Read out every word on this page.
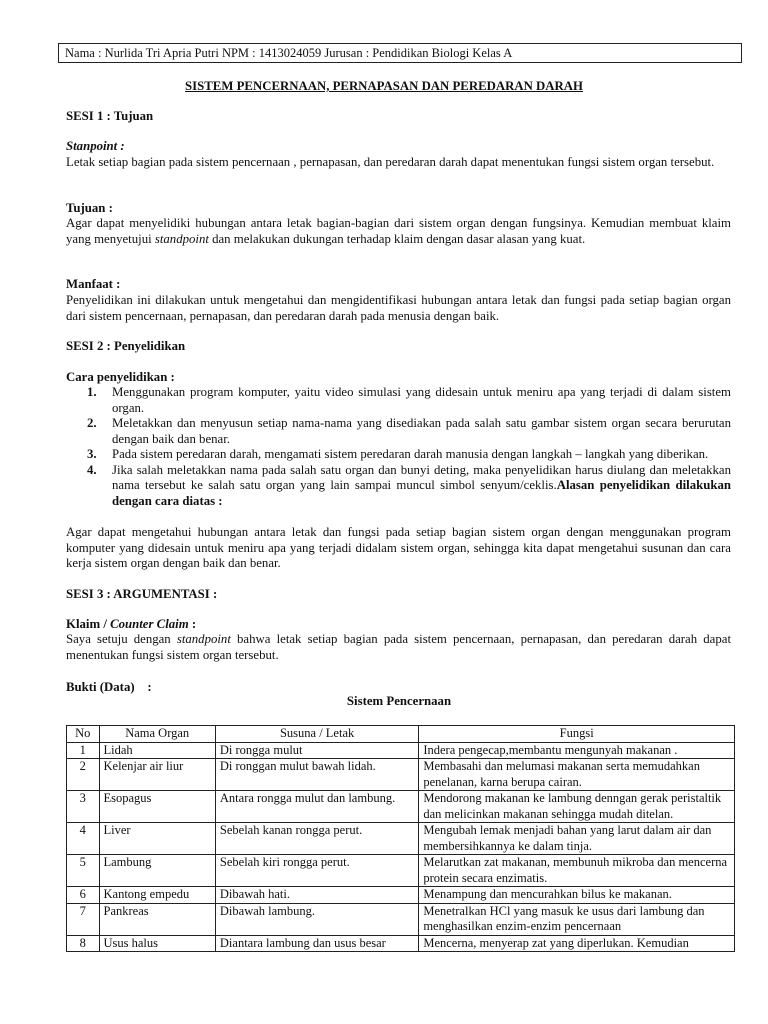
Nama : Nurlida Tri Apria Putri NPM : 1413024059 Jurusan : Pendidikan Biologi Kelas A
SISTEM PENCERNAAN, PERNAPASAN DAN PEREDARAN DARAH
SESI 1 : Tujuan
Stanpoint :
Letak setiap bagian pada sistem pencernaan , pernapasan, dan peredaran darah dapat menentukan fungsi sistem organ tersebut.
Tujuan :
Agar dapat menyelidiki hubungan antara letak bagian-bagian dari sistem organ dengan fungsinya. Kemudian membuat klaim yang menyetujui standpoint dan melakukan dukungan terhadap klaim dengan dasar alasan yang kuat.
Manfaat :
Penyelidikan ini dilakukan untuk mengetahui dan mengidentifikasi hubungan antara letak dan fungsi pada setiap bagian organ dari sistem pencernaan, pernapasan, dan peredaran darah pada menusia dengan baik.
SESI 2 : Penyelidikan
Cara penyelidikan :
1. Menggunakan program komputer, yaitu video simulasi yang didesain untuk meniru apa yang terjadi di dalam sistem organ.
2. Meletakkan dan menyusun setiap nama-nama yang disediakan pada salah satu gambar sistem organ secara berurutan dengan baik dan benar.
3. Pada sistem peredaran darah, mengamati sistem peredaran darah manusia dengan langkah – langkah yang diberikan.
4. Jika salah meletakkan nama pada salah satu organ dan bunyi deting, maka penyelidikan harus diulang dan meletakkan nama tersebut ke salah satu organ yang lain sampai muncul simbol senyum/ceklis.Alasan penyelidikan dilakukan dengan cara diatas :
Agar dapat mengetahui hubungan antara letak dan fungsi pada setiap bagian sistem organ dengan menggunakan program komputer yang didesain untuk meniru apa yang terjadi didalam sistem organ, sehingga kita dapat mengetahui susunan dan cara kerja sistem organ dengan baik dan benar.
SESI 3 : ARGUMENTASI :
Klaim / Counter Claim :
Saya setuju dengan standpoint bahwa letak setiap bagian pada sistem pencernaan, pernapasan, dan peredaran darah dapat menentukan fungsi sistem organ tersebut.
Bukti (Data)    :
Sistem Pencernaan
No	Nama Organ	Susuna / Letak	Fungsi
1	Lidah	Di rongga mulut	Indera pengecap,membantu mengunyah makanan .
2	Kelenjar air liur	Di ronggan mulut bawah lidah.	Membasahi dan melumasi makanan serta memudahkan penelanan, karna berupa cairan.
3	Esopagus	Antara rongga mulut dan lambung.	Mendorong makanan ke lambung denngan gerak peristaltik dan melicinkan makanan sehingga mudah ditelan.
4	Liver	Sebelah kanan rongga perut.	Mengubah lemak menjadi bahan yang larut dalam air dan membersihkannya ke dalam tinja.
5	Lambung	Sebelah kiri rongga perut.	Melarutkan zat makanan, membunuh mikroba dan mencerna protein secara enzimatis.
6	Kantong empedu	Dibawah hati.	Menampung dan mencurahkan bilus ke makanan.
7	Pankreas	Dibawah lambung.	Menetralkan HCl yang masuk ke usus dari lambung dan menghasilkan enzim-enzim pencernaan
8	Usus halus	Diantara lambung dan usus besar	Mencerna, menyerap zat yang diperlukan. Kemudian
